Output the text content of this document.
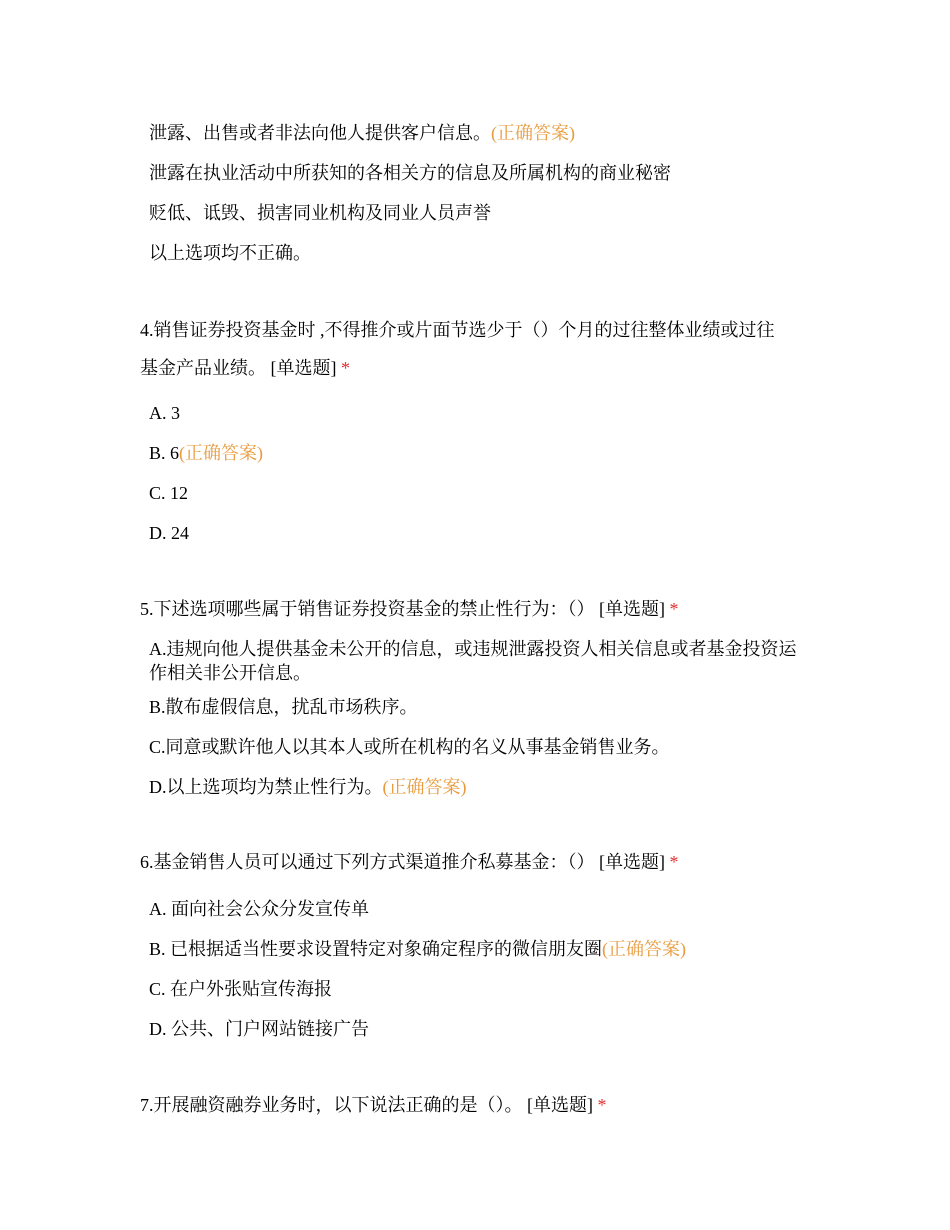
泄露、出售或者非法向他人提供客户信息。(正确答案)
泄露在执业活动中所获知的各相关方的信息及所属机构的商业秘密
贬低、诋毁、损害同业机构及同业人员声誉
以上选项均不正确。
4.销售证券投资基金时 ,不得推介或片面节选少于（）个月的过往整体业绩或过往
基金产品业绩。 [单选题] *
A. 3
B. 6(正确答案)
C. 12
D. 24
5.下述选项哪些属于销售证券投资基金的禁止性行为：（） [单选题] *
A.违规向他人提供基金未公开的信息，或违规泄露投资人相关信息或者基金投资运作相关非公开信息。
B.散布虚假信息，扰乱市场秩序。
C.同意或默许他人以其本人或所在机构的名义从事基金销售业务。
D.以上选项均为禁止性行为。(正确答案)
6.基金销售人员可以通过下列方式渠道推介私募基金：（） [单选题] *
A. 面向社会公众分发宣传单
B. 已根据适当性要求设置特定对象确定程序的微信朋友圈(正确答案)
C. 在户外张贴宣传海报
D. 公共、门户网站链接广告
7.开展融资融券业务时，以下说法正确的是（）。 [单选题] *
